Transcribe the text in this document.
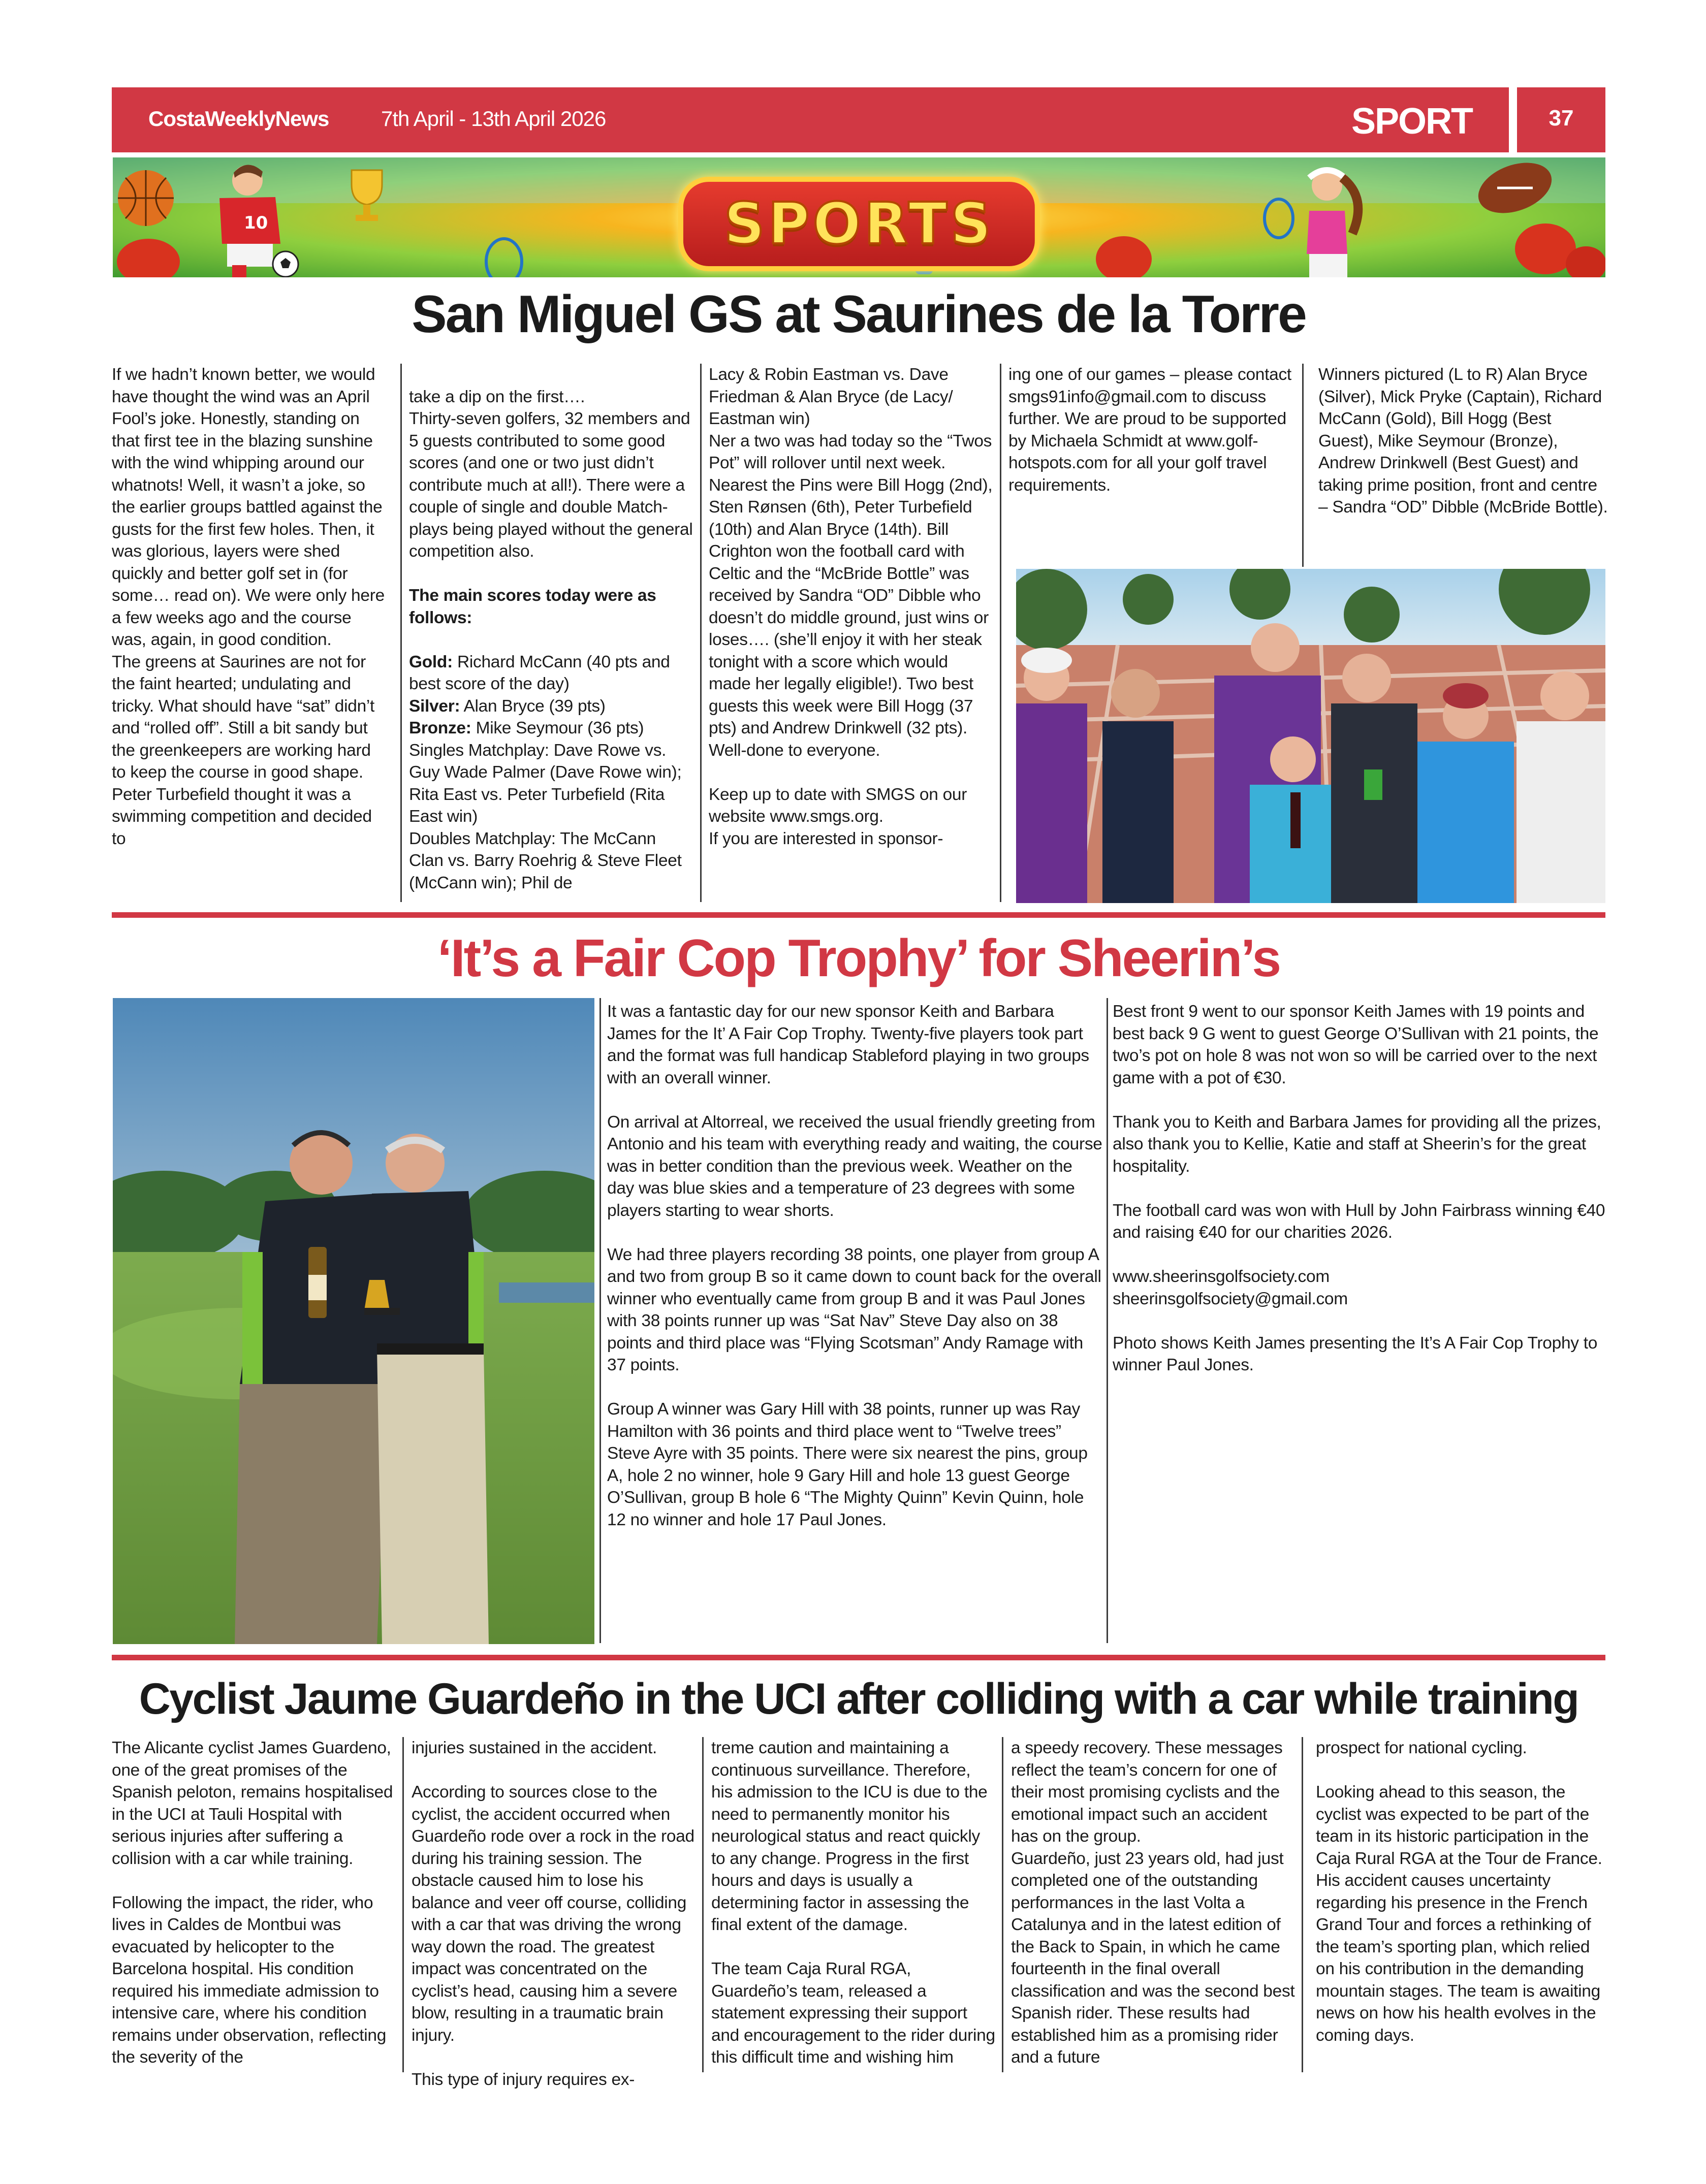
CostaWeeklyNews 7th April - 13th April 2026	SPORT	37
10	SPORTS
San Miguel GS at Saurines de la Torre
If we hadn’t known better, we would have thought the wind was an April Fool’s joke. Honestly, standing on that first tee in the blazing sunshine with the wind whipping around our whatnots! Well, it wasn’t a joke, so the earlier groups battled against the gusts for the first few holes. Then, it was glorious, layers were shed quickly and better golf set in (for some… read on). We were only here a few weeks ago and the course was, again, in good condition.
The greens at Saurines are not for the faint hearted; undulating and tricky. What should have “sat” didn’t and “rolled off”. Still a bit sandy but the greenkeepers are working hard to keep the course in good shape. Peter Turbefield thought it was a swimming competition and decided to

take a dip on the first….
Thirty-seven golfers, 32 members and 5 guests contributed to some good scores (and one or two just didn’t contribute much at all!). There were a couple of single and double Match-plays being played without the general competition also.

The main scores today were as follows:

Gold: Richard McCann (40 pts and best score of the day)
Silver: Alan Bryce (39 pts)
Bronze: Mike Seymour (36 pts)
Singles Matchplay: Dave Rowe vs. Guy Wade Palmer (Dave Rowe win); Rita East vs. Peter Turbefield (Rita East win)
Doubles Matchplay: The McCann Clan vs. Barry Roehrig & Steve Fleet (McCann win); Phil de
Lacy & Robin Eastman vs. Dave Friedman & Alan Bryce (de Lacy/ Eastman win)
Ner a two was had today so the “Twos Pot” will rollover until next week. Nearest the Pins were Bill Hogg (2nd), Sten Rønsen (6th), Peter Turbefield (10th) and Alan Bryce (14th). Bill Crighton won the football card with Celtic and the “McBride Bottle” was received by Sandra “OD” Dibble who doesn’t do middle ground, just wins or loses…. (she’ll enjoy it with her steak tonight with a score which would made her legally eligible!). Two best guests this week were Bill Hogg (37 pts) and Andrew Drinkwell (32 pts). Well-done to everyone.

Keep up to date with SMGS on our website www.smgs.org.
If you are interested in sponsor-
ing one of our games – please contact smgs91info@gmail.com to discuss further. We are proud to be supported by Michaela Schmidt at www.golf-hotspots.com for all your golf travel requirements.
Winners pictured (L to R) Alan Bryce (Silver), Mick Pryke (Captain), Richard McCann (Gold), Bill Hogg (Best Guest), Mike Seymour (Bronze), Andrew Drinkwell (Best Guest) and taking prime position, front and centre – Sandra “OD” Dibble (McBride Bottle).
‘It’s a Fair Cop Trophy’ for Sheerin’s
It was a fantastic day for our new sponsor Keith and Barbara James for the It’ A Fair Cop Trophy. Twenty-five players took part and the format was full handicap Stableford playing in two groups with an overall winner.

On arrival at Altorreal, we received the usual friendly greeting from Antonio and his team with everything ready and waiting, the course was in better condition than the previous week. Weather on the day was blue skies and a temperature of 23 degrees with some players starting to wear shorts.

We had three players recording 38 points, one player from group A and two from group B so it came down to count back for the overall winner who eventually came from group B and it was Paul Jones with 38 points runner up was “Sat Nav” Steve Day also on 38 points and third place was “Flying Scotsman” Andy Ramage with 37 points.

Group A winner was Gary Hill with 38 points, runner up was Ray Hamilton with 36 points and third place went to “Twelve trees” Steve Ayre with 35 points. There were six nearest the pins, group A, hole 2 no winner, hole 9 Gary Hill and hole 13 guest George O’Sullivan, group B hole 6 “The Mighty Quinn” Kevin Quinn, hole 12 no winner and hole 17 Paul Jones.
Best front 9 went to our sponsor Keith James with 19 points and best back 9 G went to guest George O’Sullivan with 21 points, the two’s pot on hole 8 was not won so will be carried over to the next game with a pot of €30.

Thank you to Keith and Barbara James for providing all the prizes, also thank you to Kellie, Katie and staff at Sheerin’s for the great hospitality.

The football card was won with Hull by John Fairbrass winning €40 and raising €40 for our charities 2026.

www.sheerinsgolfsociety.com
sheerinsgolfsociety@gmail.com

Photo shows Keith James presenting the It’s A Fair Cop Trophy to winner Paul Jones.
Cyclist Jaume Guardeño in the UCI after colliding with a car while training
The Alicante cyclist James Guardeno, one of the great promises of the Spanish peloton, remains hospitalised in the UCI at Tauli Hospital with serious injuries after suffering a collision with a car while training.

Following the impact, the rider, who lives in Caldes de Montbui was evacuated by helicopter to the Barcelona hospital. His condition required his immediate admission to intensive care, where his condition remains under observation, reflecting the severity of the
injuries sustained in the accident.

According to sources close to the cyclist, the accident occurred when Guardeño rode over a rock in the road during his training session. The obstacle caused him to lose his balance and veer off course, colliding with a car that was driving the wrong way down the road. The greatest impact was concentrated on the cyclist’s head, causing him a severe blow, resulting in a traumatic brain injury.

This type of injury requires ex-
treme caution and maintaining a continuous surveillance. Therefore, his admission to the ICU is due to the need to permanently monitor his neurological status and react quickly to any change. Progress in the first hours and days is usually a determining factor in assessing the final extent of the damage.

The team Caja Rural RGA, Guardeño’s team, released a statement expressing their support and encouragement to the rider during this difficult time and wishing him
a speedy recovery. These messages reflect the team’s concern for one of their most promising cyclists and the emotional impact such an accident has on the group.
Guardeño, just 23 years old, had just completed one of the outstanding performances in the last Volta a Catalunya and in the latest edition of the Back to Spain, in which he came fourteenth in the final overall classification and was the second best Spanish rider. These results had established him as a promising rider and a future
prospect for national cycling.

Looking ahead to this season, the cyclist was expected to be part of the team in its historic participation in the Caja Rural RGA at the Tour de France. His accident causes uncertainty regarding his presence in the French Grand Tour and forces a rethinking of the team’s sporting plan, which relied on his contribution in the demanding mountain stages. The team is awaiting news on how his health evolves in the coming days.
